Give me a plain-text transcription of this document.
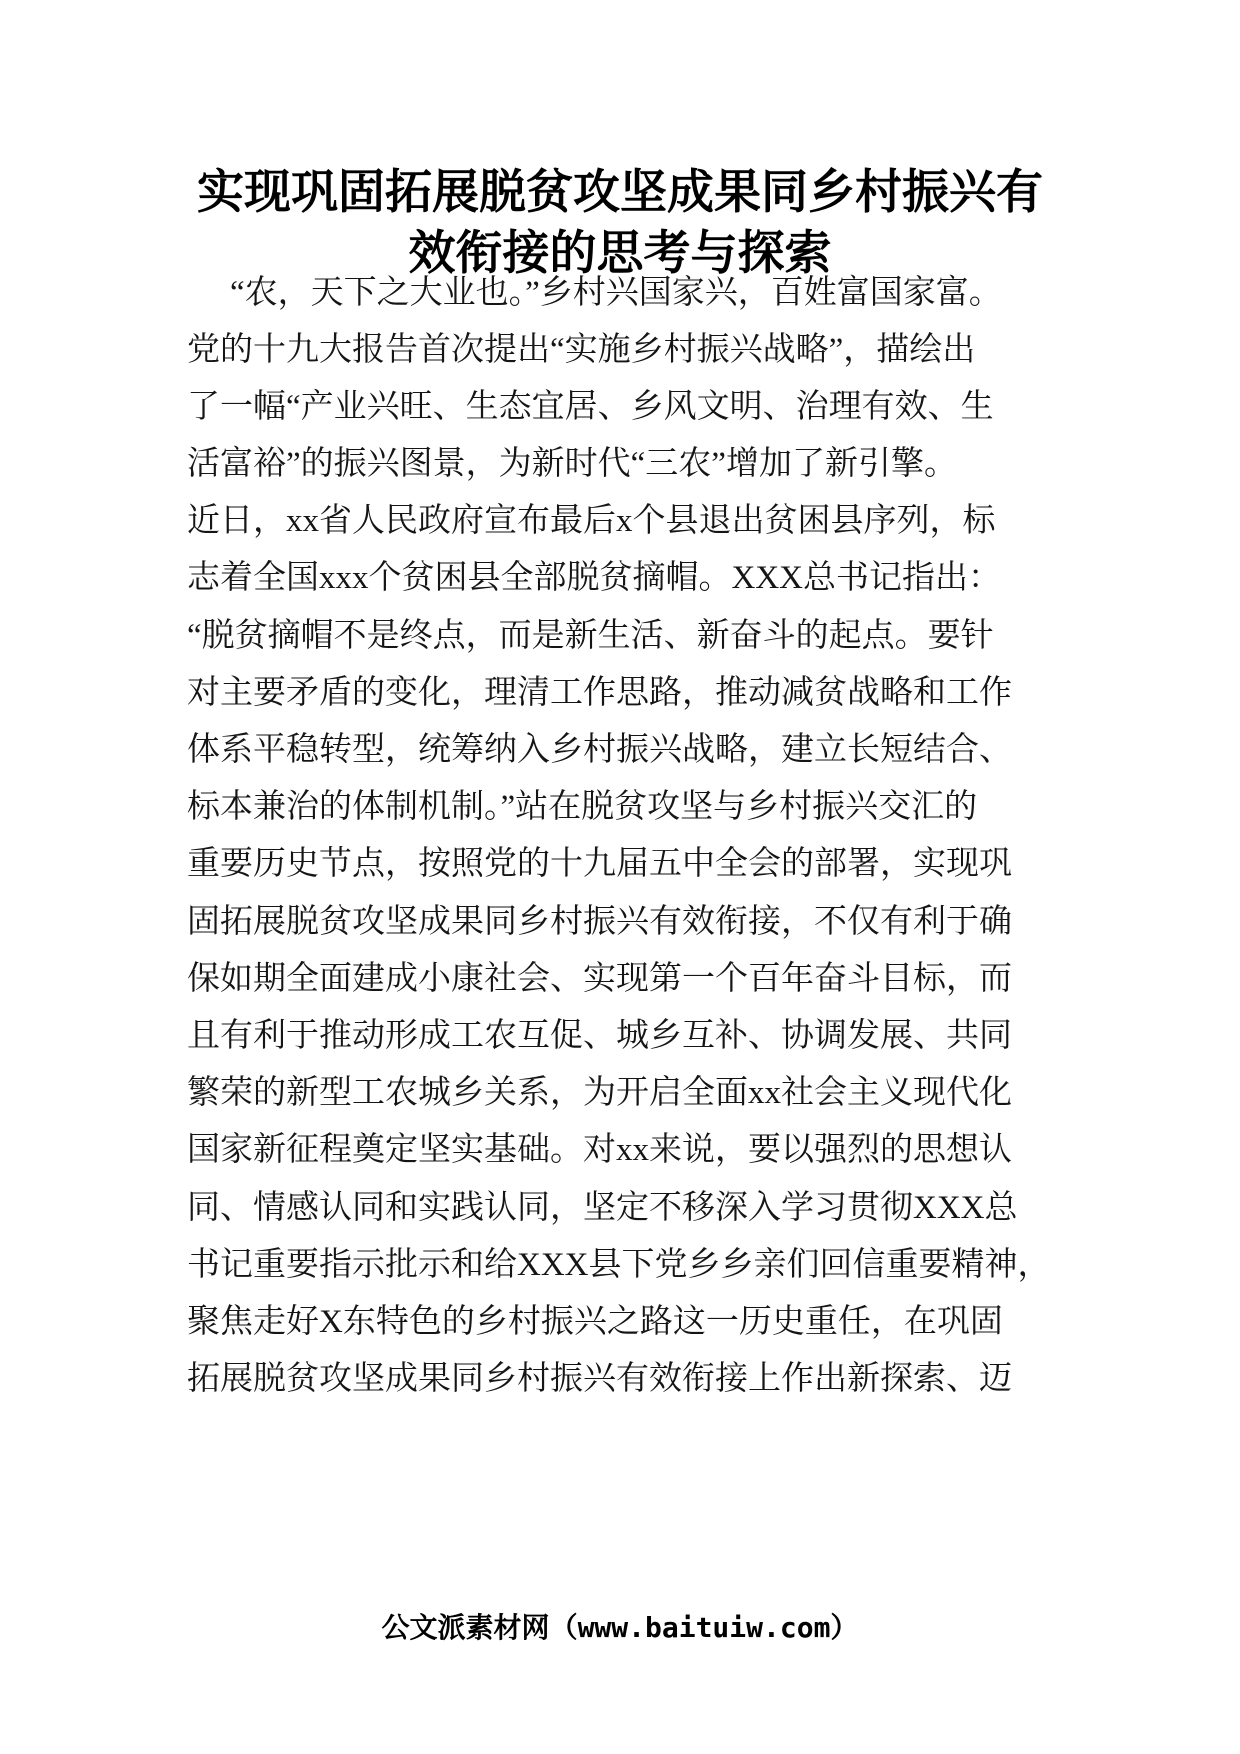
实现巩固拓展脱贫攻坚成果同乡村振兴有
效衔接的思考与探索
“农，天下之大业也。”乡村兴国家兴，百姓富国家富。
党的十九大报告首次提出“实施乡村振兴战略”，描绘出
了一幅“产业兴旺、生态宜居、乡风文明、治理有效、生
活富裕”的振兴图景，为新时代“三农”增加了新引擎。
近日，xx省人民政府宣布最后x个县退出贫困县序列，标
志着全国xxx个贫困县全部脱贫摘帽。XXX总书记指出：
“脱贫摘帽不是终点，而是新生活、新奋斗的起点。要针
对主要矛盾的变化，理清工作思路，推动减贫战略和工作
体系平稳转型，统筹纳入乡村振兴战略，建立长短结合、
标本兼治的体制机制。”站在脱贫攻坚与乡村振兴交汇的
重要历史节点，按照党的十九届五中全会的部署，实现巩
固拓展脱贫攻坚成果同乡村振兴有效衔接，不仅有利于确
保如期全面建成小康社会、实现第一个百年奋斗目标，而
且有利于推动形成工农互促、城乡互补、协调发展、共同
繁荣的新型工农城乡关系，为开启全面xx社会主义现代化
国家新征程奠定坚实基础。对xx来说，要以强烈的思想认
同、情感认同和实践认同，坚定不移深入学习贯彻XXX总
书记重要指示批示和给XXX县下党乡乡亲们回信重要精神，
聚焦走好X东特色的乡村振兴之路这一历史重任，在巩固
拓展脱贫攻坚成果同乡村振兴有效衔接上作出新探索、迈
公文派素材网（www.baituiw.com）
